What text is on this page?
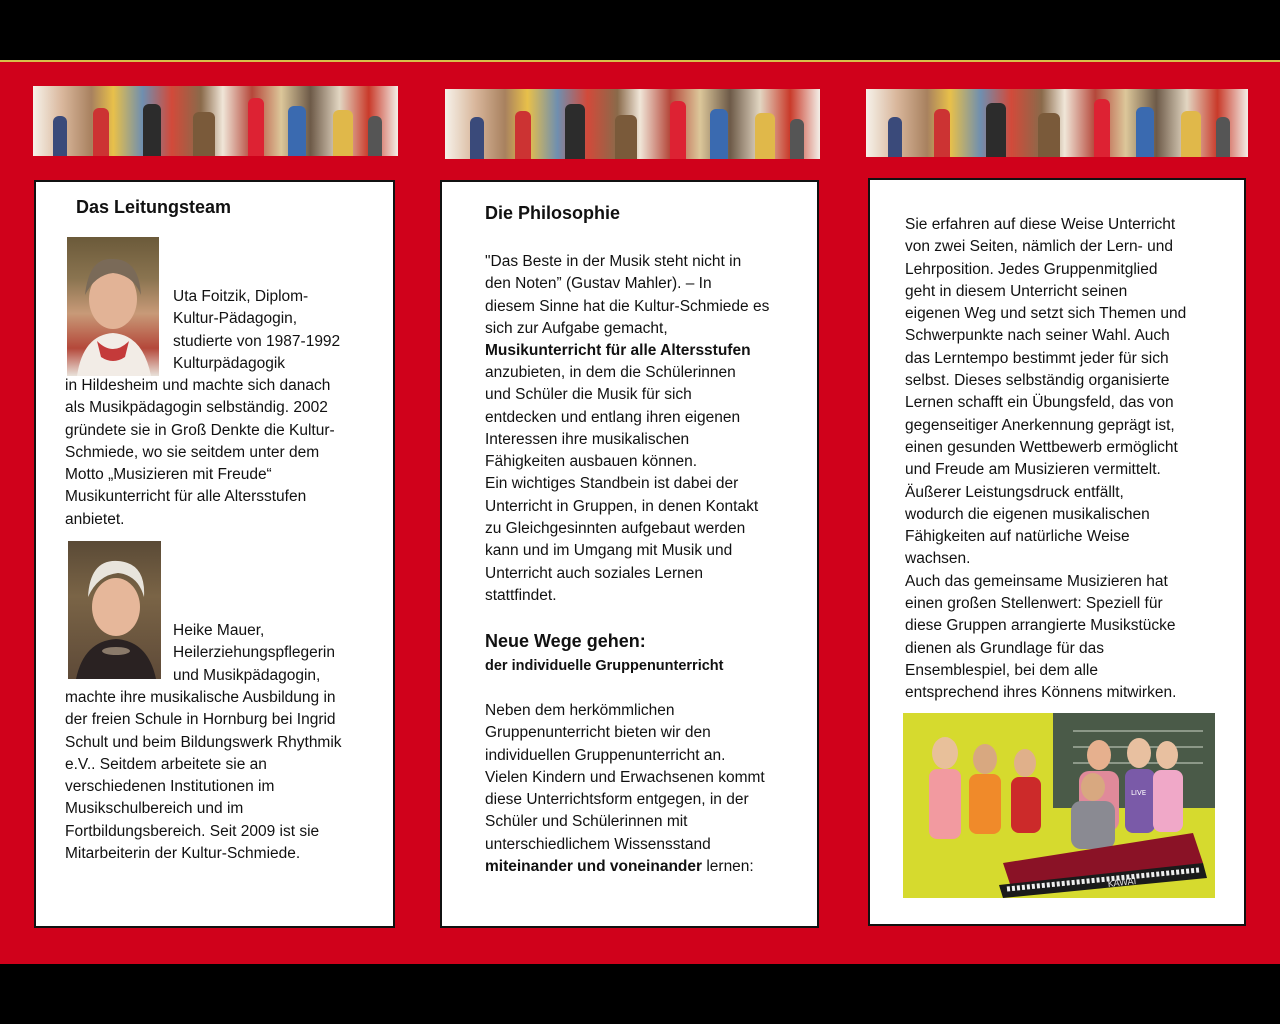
Das Leitungsteam
Uta Foitzik, Diplom-
Kultur-Pädagogin,
studierte von 1987-1992
Kulturpädagogik
in Hildesheim und machte sich danach
als Musikpädagogin selbständig. 2002
gründete sie in Groß Denkte die Kultur-
Schmiede, wo sie seitdem unter dem
Motto „Musizieren mit Freude“
Musikunterricht für alle Altersstufen
anbietet.
Heike Mauer,
Heilerziehungspflegerin
und Musikpädagogin,
machte ihre musikalische Ausbildung in
der freien Schule in Hornburg bei Ingrid
Schult und beim Bildungswerk Rhythmik
e.V.. Seitdem arbeitete sie an
verschiedenen Institutionen im
Musikschulbereich und im
Fortbildungsbereich. Seit 2009 ist sie
Mitarbeiterin der Kultur-Schmiede.
Die Philosophie
"Das Beste in der Musik steht nicht in
den Noten” (Gustav Mahler). – In
diesem Sinne hat die Kultur-Schmiede es
sich zur Aufgabe gemacht,
Musikunterricht für alle Altersstufen
anzubieten, in dem die Schülerinnen
und Schüler die Musik für sich
entdecken und entlang ihren eigenen
Interessen ihre musikalischen
Fähigkeiten ausbauen können.
Ein wichtiges Standbein ist dabei der
Unterricht in Gruppen, in denen Kontakt
zu Gleichgesinnten aufgebaut werden
kann und im Umgang mit Musik und
Unterricht auch soziales Lernen
stattfindet.
Neue Wege gehen:
der individuelle Gruppenunterricht
Neben dem herkömmlichen
Gruppenunterricht bieten wir den
individuellen Gruppenunterricht an.
Vielen Kindern und Erwachsenen kommt
diese Unterrichtsform entgegen, in der
Schüler und Schülerinnen mit
unterschiedlichem Wissensstand
miteinander und voneinander lernen:
Sie erfahren auf diese Weise Unterricht
von zwei Seiten, nämlich der Lern- und
Lehrposition. Jedes Gruppenmitglied
geht in diesem Unterricht seinen
eigenen Weg und setzt sich Themen und
Schwerpunkte nach seiner Wahl. Auch
das Lerntempo bestimmt jeder für sich
selbst. Dieses selbständig organisierte
Lernen schafft ein Übungsfeld, das von
gegenseitiger Anerkennung geprägt ist,
einen gesunden Wettbewerb ermöglicht
und Freude am Musizieren vermittelt.
Äußerer Leistungsdruck entfällt,
wodurch die eigenen musikalischen
Fähigkeiten auf natürliche Weise
wachsen.
Auch das gemeinsame Musizieren hat
einen großen Stellenwert: Speziell für
diese Gruppen arrangierte Musikstücke
dienen als Grundlage für das
Ensemblespiel, bei dem alle
entsprechend ihres Könnens mitwirken.
KAWAI
LIVE
